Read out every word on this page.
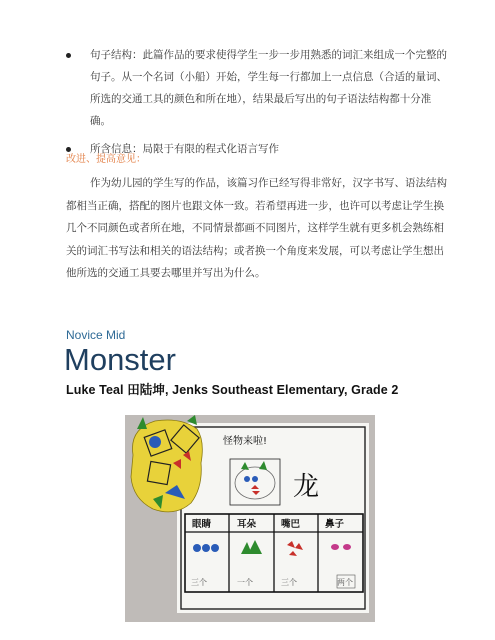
句子结构：此篇作品的要求使得学生一步一步用熟悉的词汇来组成一个完整的句子。从一个名词（小船）开始，学生每一行都加上一点信息（合适的量词、所选的交通工具的颜色和所在地），结果最后写出的句子语法结构都十分准确。
所含信息：局限于有限的程式化语言写作
改进、提高意见：
作为幼儿园的学生写的作品，该篇习作已经写得非常好，汉字书写、语法结构都相当正确，搭配的图片也跟文体一致。若希望再进一步，也许可以考虑让学生换几个不同颜色或者所在地，不同情景都画不同图片，这样学生就有更多机会熟练相关的词汇书写法和相关的语法结构；或者换一个角度来发展，可以考虑让学生想出他所选的交通工具要去哪里并写出为什么。
Novice Mid
Monster
Luke Teal 田陆坤, Jenks Southeast Elementary, Grade 2
怪物来啦!
龙
眼睛	耳朵	嘴巴	鼻子
三个	一个	三个	两个
